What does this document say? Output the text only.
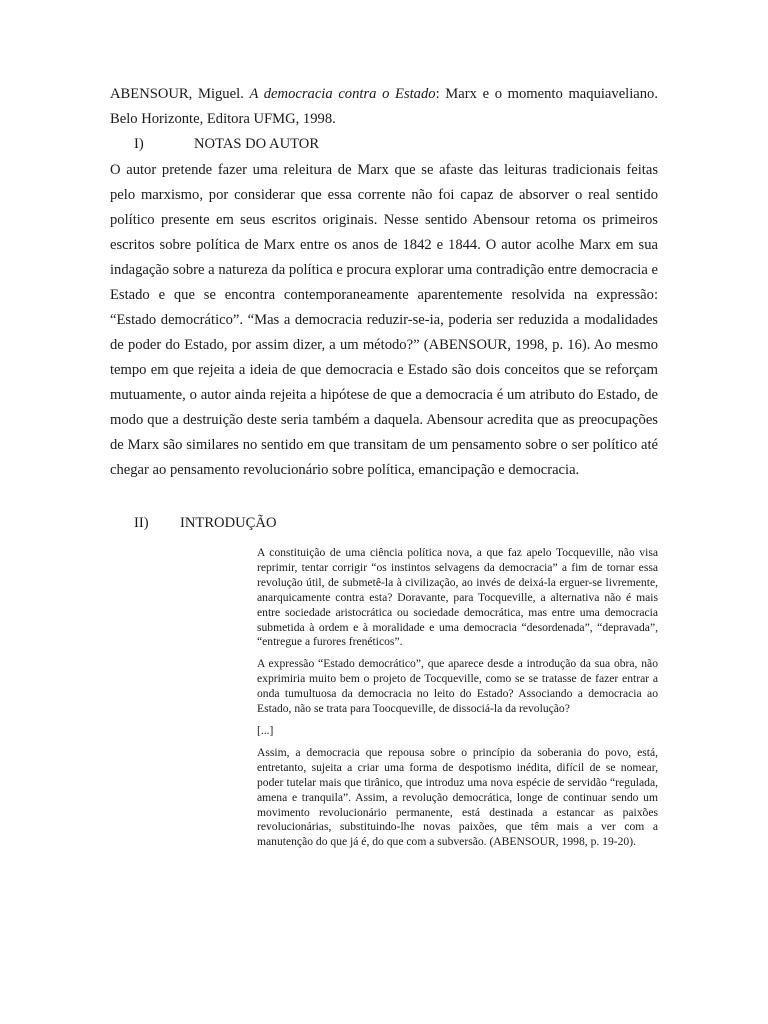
ABENSOUR, Miguel. A democracia contra o Estado: Marx e o momento maquiaveliano. Belo Horizonte, Editora UFMG, 1998.

I)	NOTAS DO AUTOR

O autor pretende fazer uma releitura de Marx que se afaste das leituras tradicionais feitas pelo marxismo, por considerar que essa corrente não foi capaz de absorver o real sentido político presente em seus escritos originais. Nesse sentido Abensour retoma os primeiros escritos sobre política de Marx entre os anos de 1842 e 1844. O autor acolhe Marx em sua indagação sobre a natureza da política e procura explorar uma contradição entre democracia e Estado e que se encontra contemporaneamente aparentemente resolvida na expressão: “Estado democrático”. “Mas a democracia reduzir-se-ia, poderia ser reduzida a modalidades de poder do Estado, por assim dizer, a um método?” (ABENSOUR, 1998, p. 16). Ao mesmo tempo em que rejeita a ideia de que democracia e Estado são dois conceitos que se reforçam mutuamente, o autor ainda rejeita a hipótese de que a democracia é um atributo do Estado, de modo que a destruição deste seria também a daquela. Abensour acredita que as preocupações de Marx são similares no sentido em que transitam de um pensamento sobre o ser político até chegar ao pensamento revolucionário sobre política, emancipação e democracia.

II) INTRODUÇÃO

A constituição de uma ciência política nova, a que faz apelo Tocqueville, não visa reprimir, tentar corrigir “os instintos selvagens da democracia” a fim de tornar essa revolução útil, de submetê-la à civilização, ao invés de deixá-la erguer-se livremente, anarquicamente contra esta? Doravante, para Tocqueville, a alternativa não é mais entre sociedade aristocrática ou sociedade democrática, mas entre uma democracia submetida à ordem e à moralidade e uma democracia “desordenada”, “depravada”, “entregue a furores frenéticos”.

A expressão “Estado democrático”, que aparece desde a introdução da sua obra, não exprimiria muito bem o projeto de Tocqueville, como se se tratasse de fazer entrar a onda tumultuosa da democracia no leito do Estado? Associando a democracia ao Estado, não se trata para Toocqueville, de dissociá-la da revolução?

[...]

Assim, a democracia que repousa sobre o princípio da soberania do povo, está, entretanto, sujeita a criar uma forma de despotismo inédita, difícil de se nomear, poder tutelar mais que tirânico, que introduz uma nova espécie de servidão “regulada, amena e tranquila”. Assim, a revolução democrática, longe de continuar sendo um movimento revolucionário permanente, está destinada a estancar as paixões revolucionárias, substituindo-lhe novas paixões, que têm mais a ver com a manutenção do que já é, do que com a subversão. (ABENSOUR, 1998, p. 19-20).
